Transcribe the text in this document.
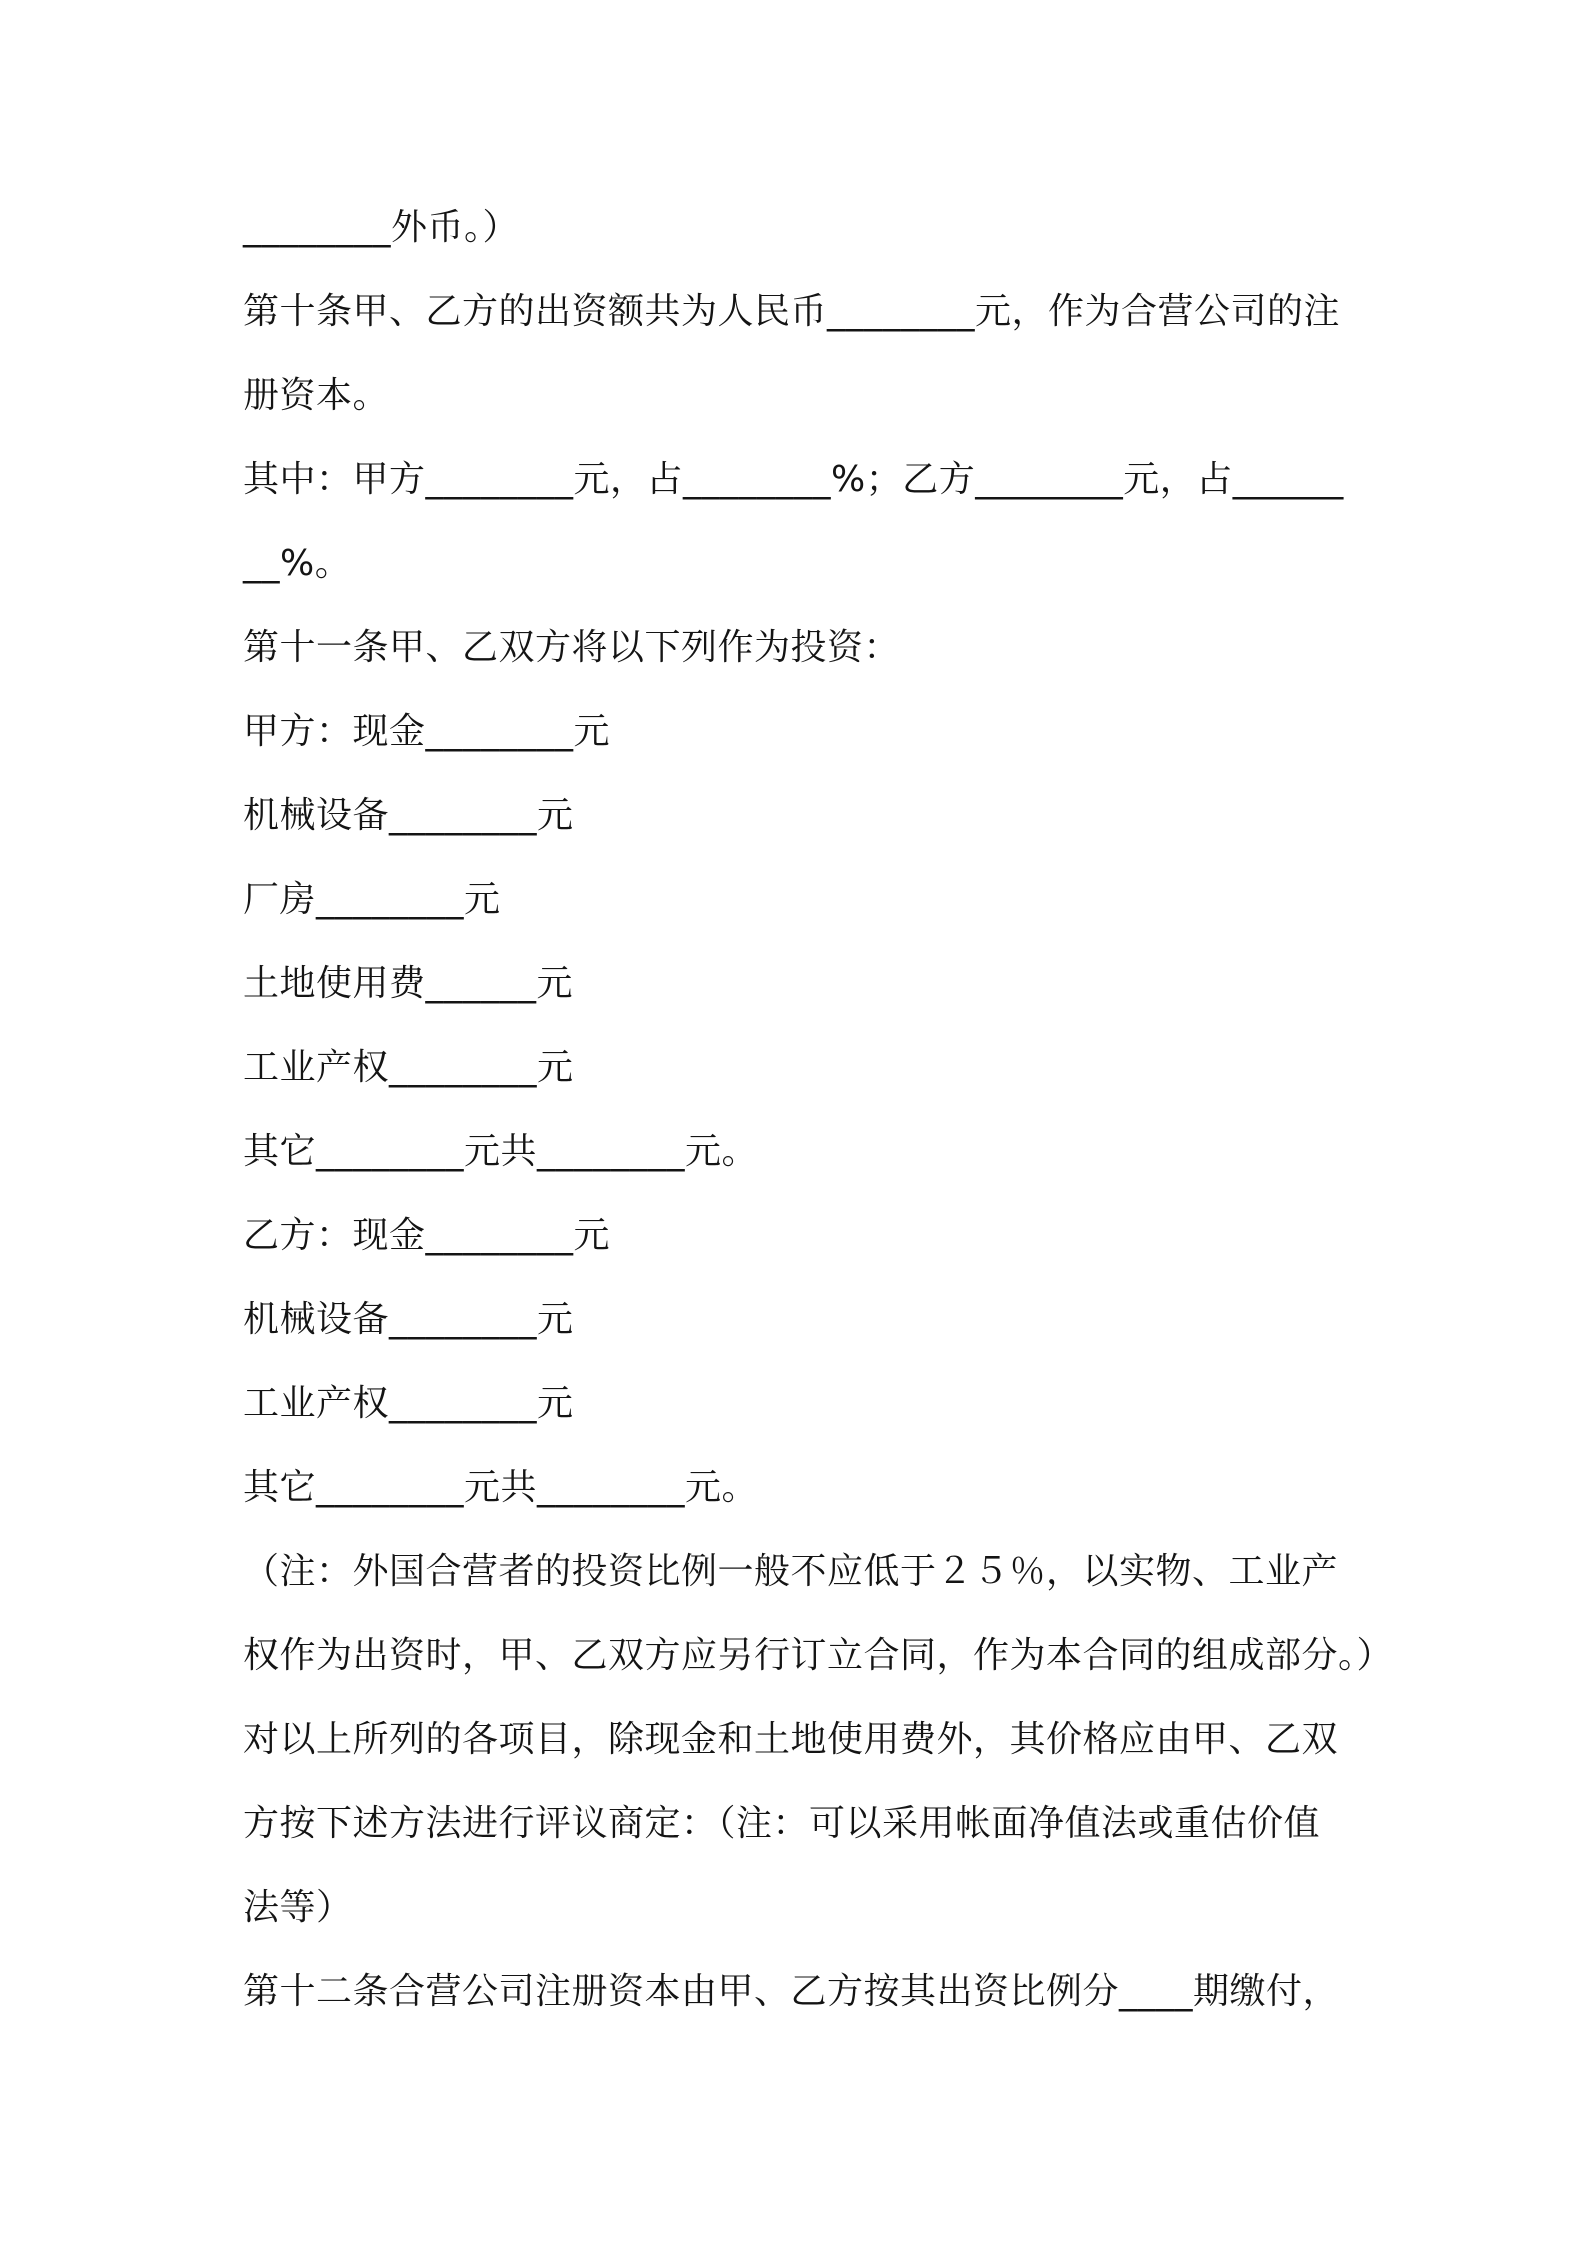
________外币。）
第十条甲、乙方的出资额共为人民币________元，作为合营公司的注
册资本。
其中：甲方________元，占________%；乙方________元，占______
__%。
第十一条甲、乙双方将以下列作为投资：
甲方：现金________元
机械设备________元
厂房________元
土地使用费______元
工业产权________元
其它________元共________元。
乙方：现金________元
机械设备________元
工业产权________元
其它________元共________元。
（注：外国合营者的投资比例一般不应低于２５％，以实物、工业产
权作为出资时，甲、乙双方应另行订立合同，作为本合同的组成部分。）
对以上所列的各项目，除现金和土地使用费外，其价格应由甲、乙双
方按下述方法进行评议商定：（注：可以采用帐面净值法或重估价值
法等）
第十二条合营公司注册资本由甲、乙方按其出资比例分____期缴付，
